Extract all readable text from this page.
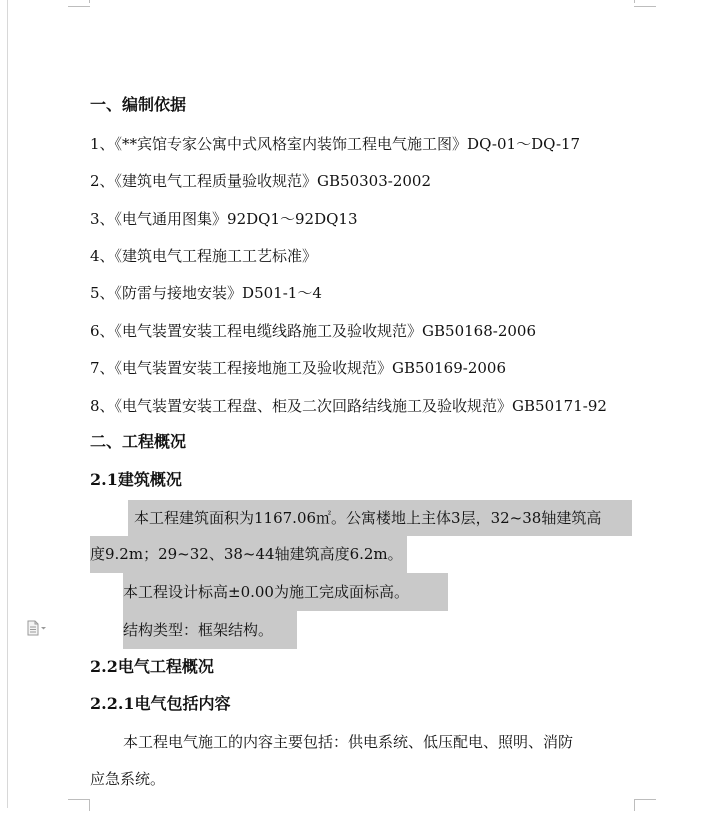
一、编制依据
1、《**宾馆专家公寓中式风格室内装饰工程电气施工图》DQ-01～DQ-17
2、《建筑电气工程质量验收规范》GB50303-2002
3、《电气通用图集》92DQ1～92DQ13
4、《建筑电气工程施工工艺标准》
5、《防雷与接地安装》D501-1～4
6、《电气装置安装工程电缆线路施工及验收规范》GB50168-2006
7、《电气装置安装工程接地施工及验收规范》GB50169-2006
8、《电气装置安装工程盘、柜及二次回路结线施工及验收规范》GB50171-92
二、工程概况
2.1建筑概况
本工程建筑面积为1167.06㎡。公寓楼地上主体3层，32~38轴建筑高
度9.2m；29~32、38~44轴建筑高度6.2m。
本工程设计标高±0.00为施工完成面标高。
结构类型：框架结构。
2.2电气工程概况
2.2.1电气包括内容
本工程电气施工的内容主要包括：供电系统、低压配电、照明、消防
应急系统。
